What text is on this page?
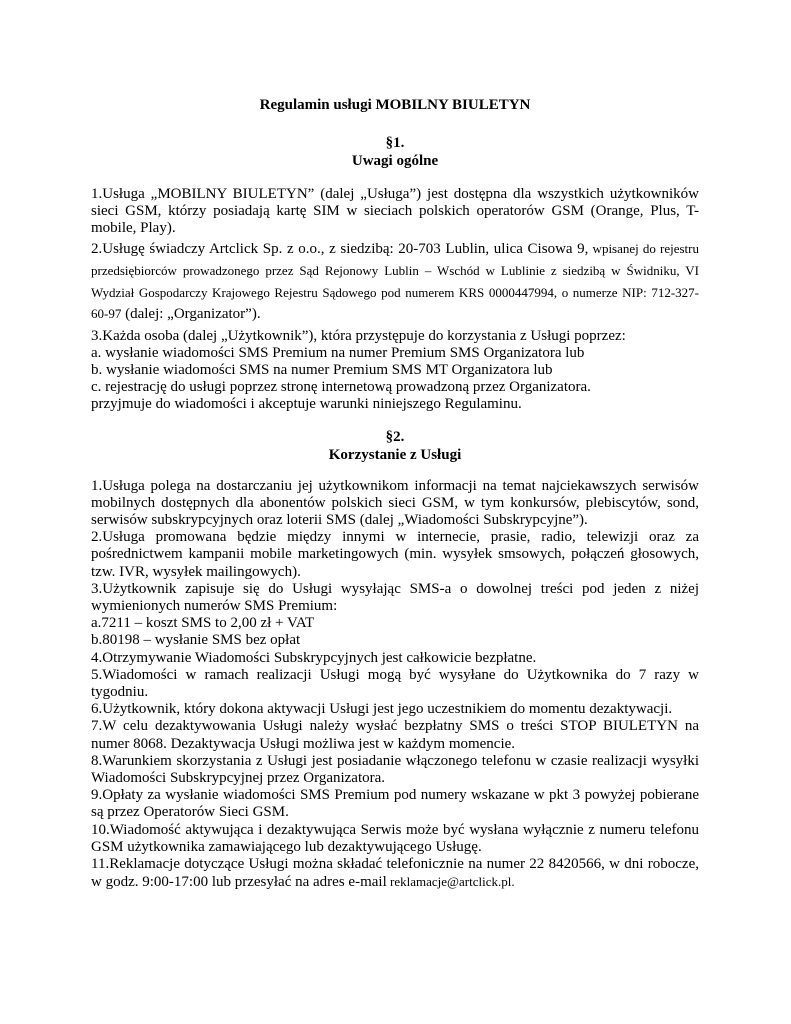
Regulamin usługi MOBILNY BIULETYN
§1.
Uwagi ogólne

1.Usługa „MOBILNY BIULETYN” (dalej „Usługa”) jest dostępna dla wszystkich użytkowników sieci GSM, którzy posiadają kartę SIM w sieciach polskich operatorów GSM (Orange, Plus, T-mobile, Play).

2.Usługę świadczy Artclick Sp. z o.o., z siedzibą: 20-703 Lublin, ulica Cisowa 9, wpisanej do rejestru przedsiębiorców prowadzonego przez Sąd Rejonowy Lublin – Wschód w Lublinie z siedzibą w Świdniku, VI Wydział Gospodarczy Krajowego Rejestru Sądowego pod numerem KRS 0000447994, o numerze NIP: 712-327-60-97 (dalej: „Organizator”).

3.Każda osoba (dalej „Użytkownik”), która przystępuje do korzystania z Usługi poprzez:

a. wysłanie wiadomości SMS Premium na numer Premium SMS Organizatora lub

b. wysłanie wiadomości SMS na numer Premium SMS MT Organizatora lub

c. rejestrację do usługi poprzez stronę internetową prowadzoną przez Organizatora.

przyjmuje do wiadomości i akceptuje warunki niniejszego Regulaminu.

§2.
Korzystanie z Usługi

1.Usługa polega na dostarczaniu jej użytkownikom informacji na temat najciekawszych serwisów mobilnych dostępnych dla abonentów polskich sieci GSM, w tym konkursów, plebiscytów, sond, serwisów subskrypcyjnych oraz loterii SMS (dalej „Wiadomości Subskrypcyjne”).

2.Usługa promowana będzie między innymi w internecie, prasie, radio, telewizji oraz za pośrednictwem kampanii mobile marketingowych (min. wysyłek smsowych, połączeń głosowych, tzw. IVR, wysyłek mailingowych).

3.Użytkownik zapisuje się do Usługi wysyłając SMS-a o dowolnej treści pod jeden z niżej wymienionych numerów SMS Premium:

a.7211 – koszt SMS to 2,00 zł + VAT

b.80198 – wysłanie SMS bez opłat

4.Otrzymywanie Wiadomości Subskrypcyjnych jest całkowicie bezpłatne.

5.Wiadomości w ramach realizacji Usługi mogą być wysyłane do Użytkownika do 7 razy w tygodniu.

6.Użytkownik, który dokona aktywacji Usługi jest jego uczestnikiem do momentu dezaktywacji.

7.W celu dezaktywowania Usługi należy wysłać bezpłatny SMS o treści STOP BIULETYN na numer 8068. Dezaktywacja Usługi możliwa jest w każdym momencie.

8.Warunkiem skorzystania z Usługi jest posiadanie włączonego telefonu w czasie realizacji wysyłki Wiadomości Subskrypcyjnej przez Organizatora.

9.Opłaty za wysłanie wiadomości SMS Premium pod numery wskazane w pkt 3 powyżej pobierane są przez Operatorów Sieci GSM.

10.Wiadomość aktywująca i dezaktywująca Serwis może być wysłana wyłącznie z numeru telefonu GSM użytkownika zamawiającego lub dezaktywującego Usługę.

11.Reklamacje dotyczące Usługi można składać telefonicznie na numer 22 8420566, w dni robocze, w godz. 9:00-17:00 lub przesyłać na adres e-mail reklamacje@artclick.pl.
